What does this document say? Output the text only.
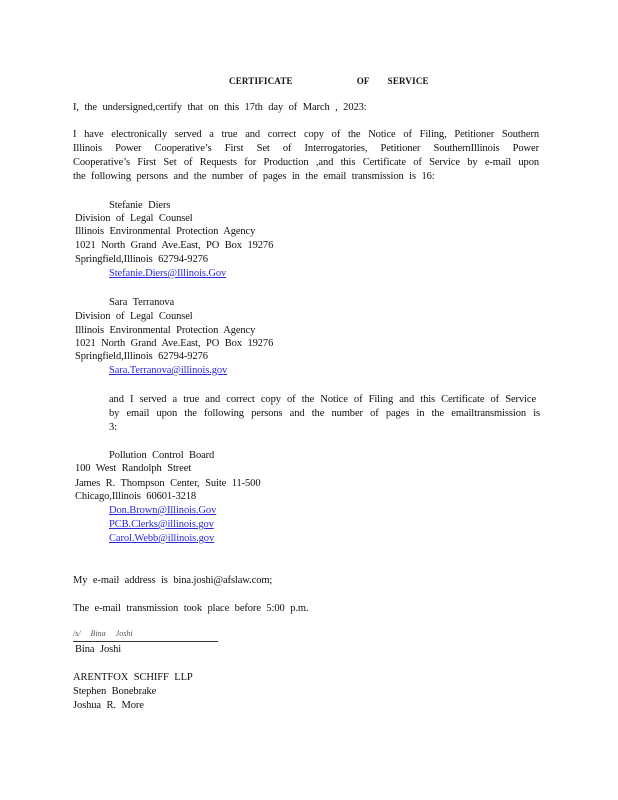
CERTIFICATE	OF SERVICE
I, the undersigned,certify that on this 17th day of March , 2023:
I have electronically served a true and correct copy of the Notice of Filing, Petitioner Southern
Illinois Power Cooperative’s First Set of Interrogatories, Petitioner SouthernIllinois Power
Cooperative’s First Set of Requests for Production ,and this Certificate of Service by e-mail upon
the following persons and the number of pages in the email transmission is 16:
Stefanie Diers
Division of Legal Counsel
Illinois Environmental Protection Agency
1021 North Grand Ave.East, PO Box 19276
Springfield,Illinois 62794-9276
Stefanie.Diers@Illinois.Gov
Sara Terranova
Division of Legal Counsel
Illinois Environmental Protection Agency
1021 North Grand Ave.East, PO Box 19276
Springfield,Illinois 62794-9276
Sara.Terranova@illinois.gov
and I served a true and correct copy of the Notice of Filing and this Certificate of Service
by email upon the following persons and the number of pages in the emailtransmission is
3:
Pollution Control Board
100 West Randolph Street
James R. Thompson Center, Suite 11-500
Chicago,Illinois 60601-3218
Don.Brown@Illinois.Gov
PCB.Clerks@illinois.gov
Carol.Webb@illinois.gov
My e-mail address is bina.joshi@afslaw.com;
The e-mail transmission took place before 5:00 p.m.
/s/ Bina Joshi
Bina Joshi
ARENTFOX SCHIFF LLP
Stephen Bonebrake
Joshua R. More
